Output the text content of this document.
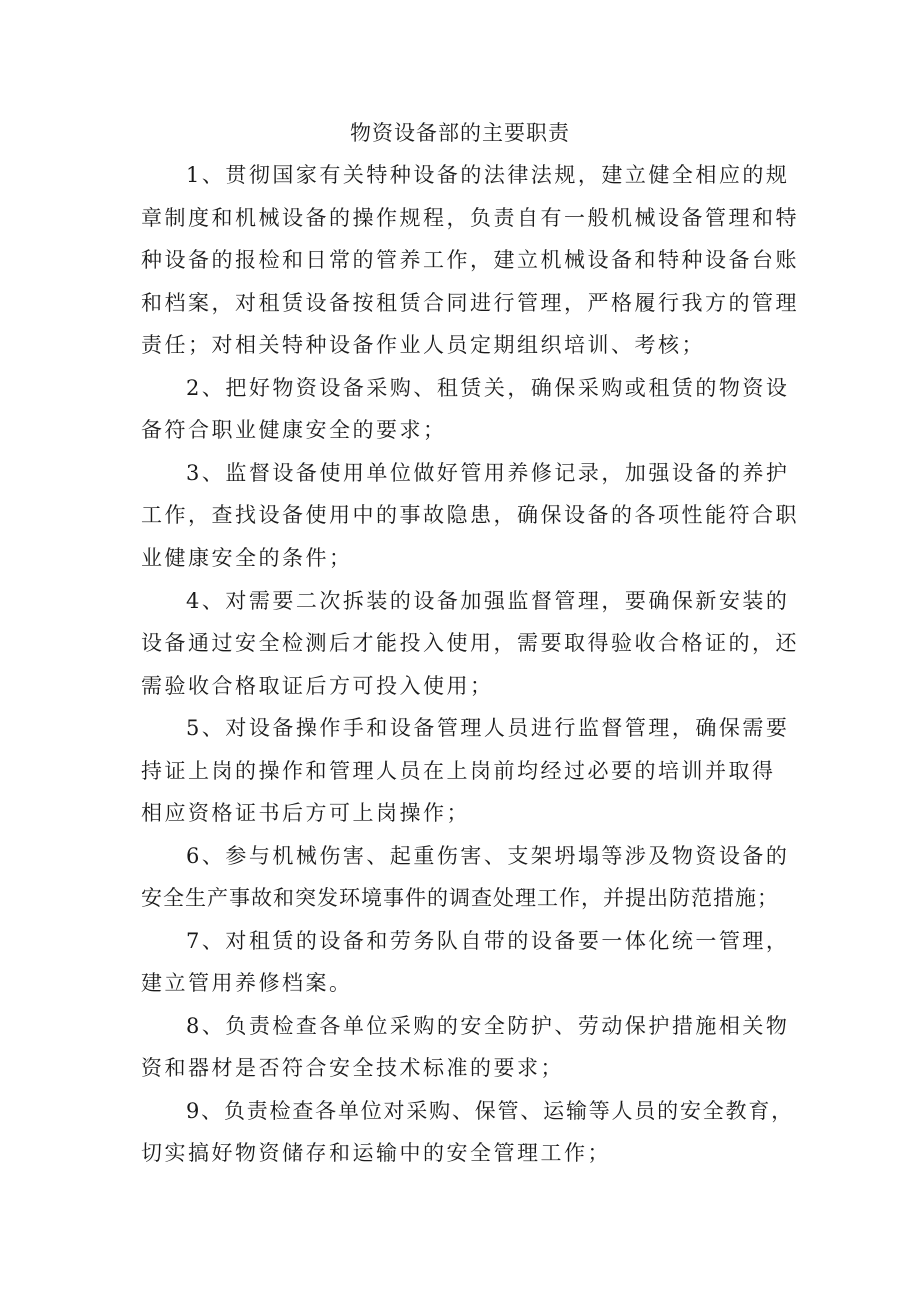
物资设备部的主要职责
1、贯彻国家有关特种设备的法律法规，建立健全相应的规
章制度和机械设备的操作规程，负责自有一般机械设备管理和特
种设备的报检和日常的管养工作，建立机械设备和特种设备台账
和档案，对租赁设备按租赁合同进行管理，严格履行我方的管理
责任；对相关特种设备作业人员定期组织培训、考核；
2、把好物资设备采购、租赁关，确保采购或租赁的物资设
备符合职业健康安全的要求；
3、监督设备使用单位做好管用养修记录，加强设备的养护
工作，查找设备使用中的事故隐患，确保设备的各项性能符合职
业健康安全的条件；
4、对需要二次拆装的设备加强监督管理，要确保新安装的
设备通过安全检测后才能投入使用，需要取得验收合格证的，还
需验收合格取证后方可投入使用；
5、对设备操作手和设备管理人员进行监督管理，确保需要
持证上岗的操作和管理人员在上岗前均经过必要的培训并取得
相应资格证书后方可上岗操作；
6、参与机械伤害、起重伤害、支架坍塌等涉及物资设备的
安全生产事故和突发环境事件的调查处理工作，并提出防范措施；
7、对租赁的设备和劳务队自带的设备要一体化统一管理，
建立管用养修档案。
8、负责检查各单位采购的安全防护、劳动保护措施相关物
资和器材是否符合安全技术标准的要求；
9、负责检查各单位对采购、保管、运输等人员的安全教育，
切实搞好物资储存和运输中的安全管理工作；
